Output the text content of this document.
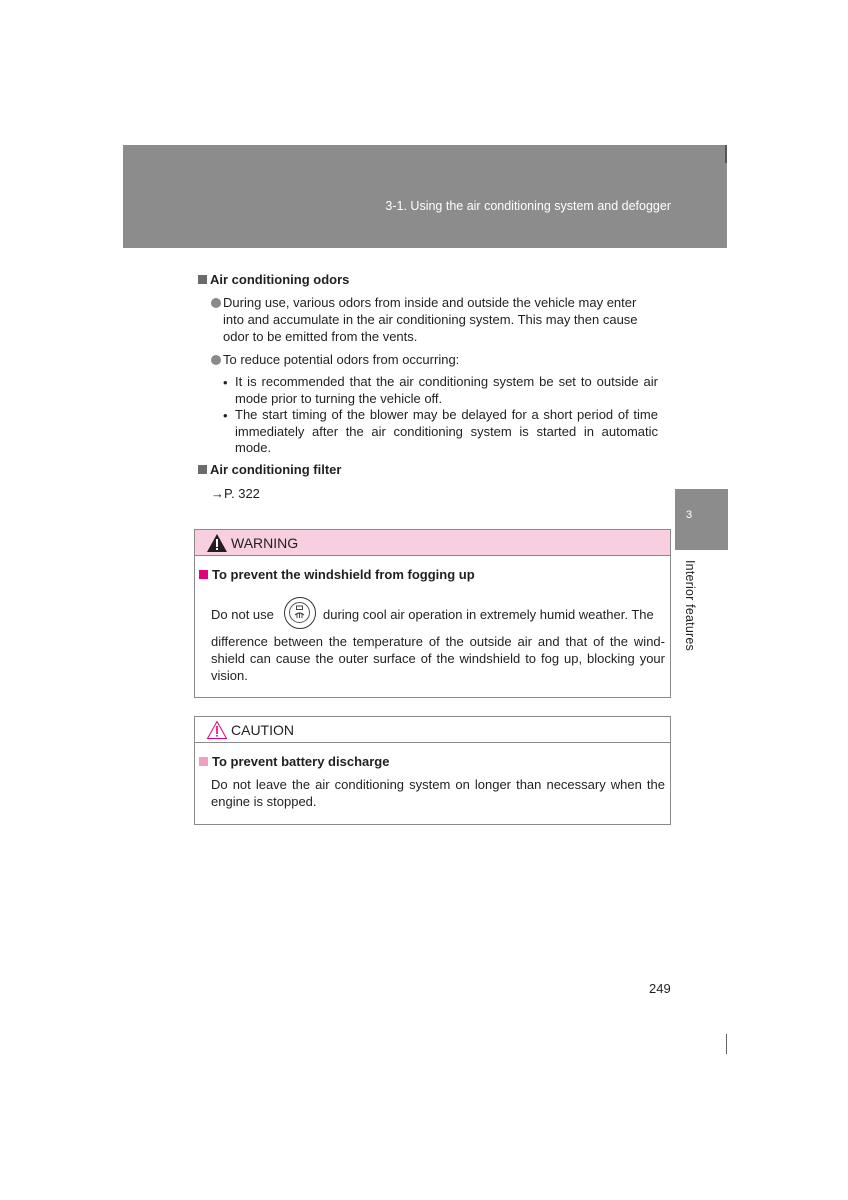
3-1. Using the air conditioning system and defogger
Air conditioning odors
During use, various odors from inside and outside the vehicle may enter
into and accumulate in the air conditioning system. This may then cause
odor to be emitted from the vents.
To reduce potential odors from occurring:
• It is recommended that the air conditioning system be set to outside air mode prior to turning the vehicle off.
• The start timing of the blower may be delayed for a short period of time immediately after the air conditioning system is started in automatic mode.
Air conditioning filter
→P. 322
WARNING
To prevent the windshield from fogging up
Do not use	during cool air operation in extremely humid weather. The
difference between the temperature of the outside air and that of the wind-shield can cause the outer surface of the windshield to fog up, blocking your vision.
CAUTION
To prevent battery discharge
Do not leave the air conditioning system on longer than necessary when the engine is stopped.
3
Interior features
249
